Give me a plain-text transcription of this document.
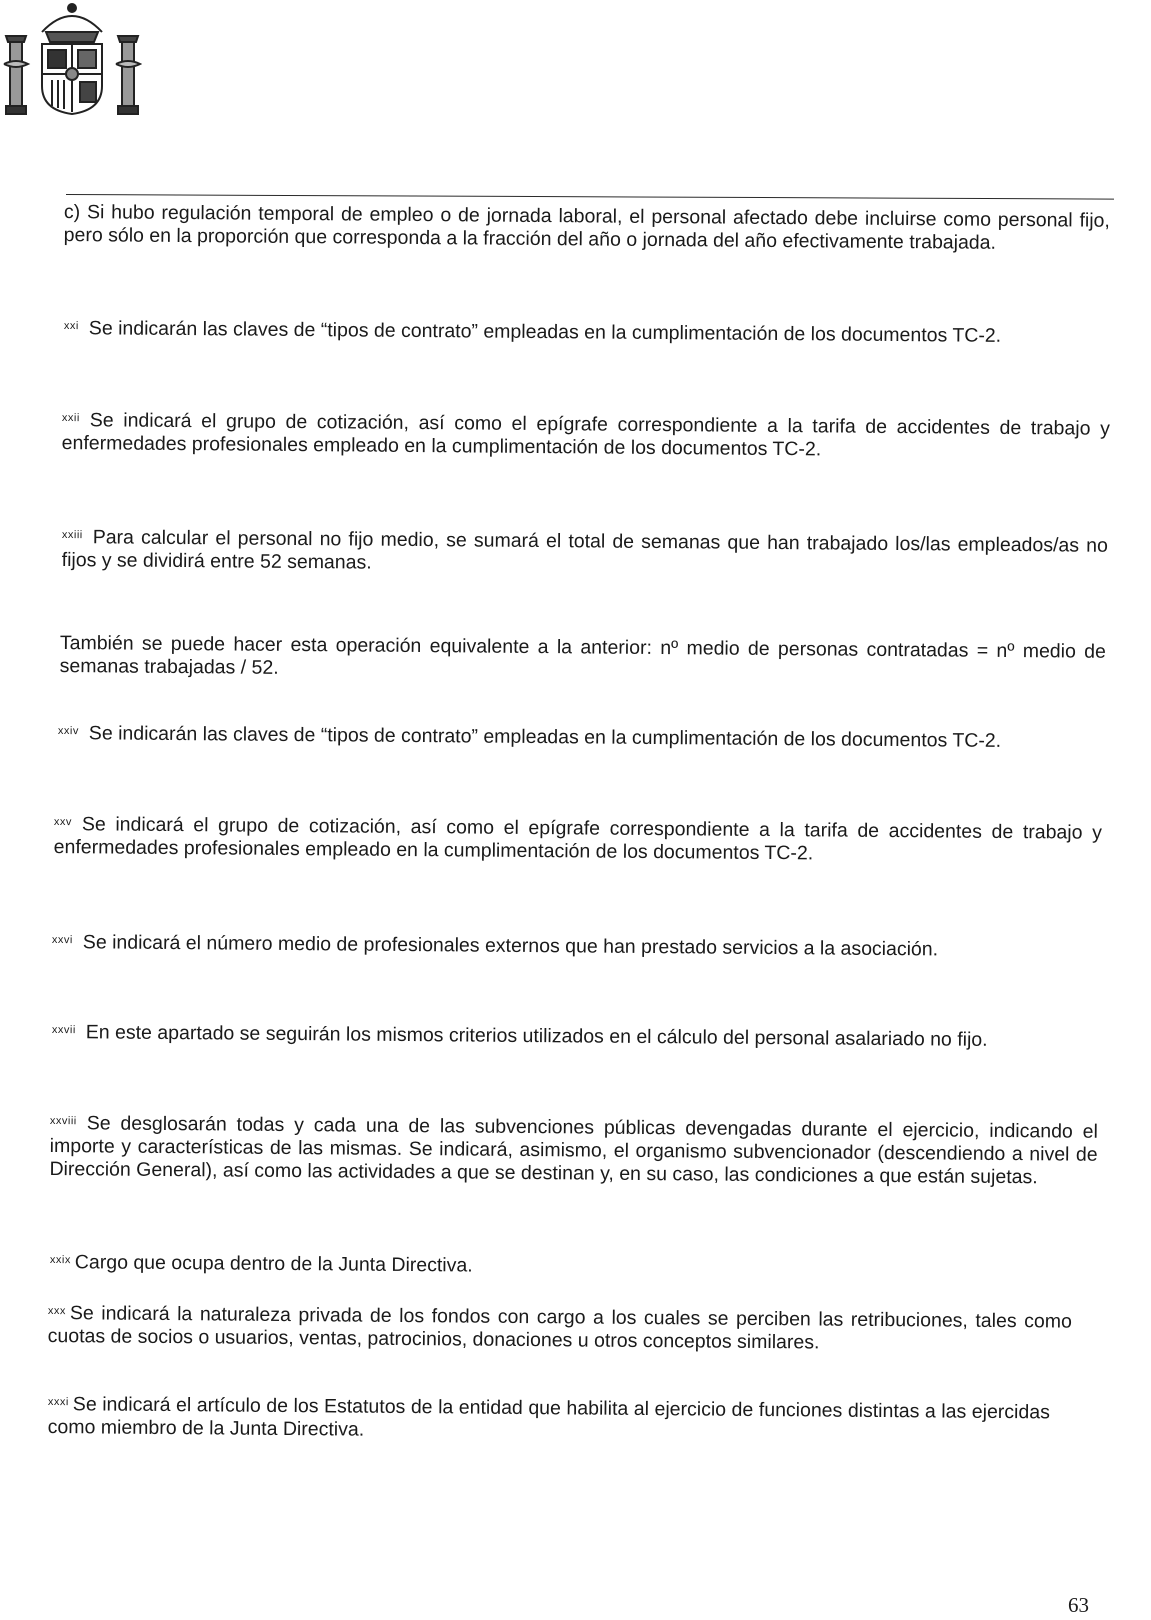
c) Si hubo regulación temporal de empleo o de jornada laboral, el personal afectado debe incluirse como personal fijo, pero sólo en la proporción que corresponda a la fracción del año o jornada del año efectivamente trabajada.
$^{xxi}$ Se indicarán las claves de “tipos de contrato” empleadas en la cumplimentación de los documentos TC-2.
$^{xxii}$ Se indicará el grupo de cotización, así como el epígrafe correspondiente a la tarifa de accidentes de trabajo y enfermedades profesionales empleado en la cumplimentación de los documentos TC-2.
$^{xxiii}$ Para calcular el personal no fijo medio, se sumará el total de semanas que han trabajado los/las empleados/as no fijos y se dividirá entre 52 semanas.
También se puede hacer esta operación equivalente a la anterior: nº medio de personas contratadas = nº medio de semanas trabajadas / 52.
$^{xxiv}$ Se indicarán las claves de “tipos de contrato” empleadas en la cumplimentación de los documentos TC-2.
$^{xxv}$ Se indicará el grupo de cotización, así como el epígrafe correspondiente a la tarifa de accidentes de trabajo y enfermedades profesionales empleado en la cumplimentación de los documentos TC-2.
$^{xxvi}$ Se indicará el número medio de profesionales externos que han prestado servicios a la asociación.
$^{xxvii}$ En este apartado se seguirán los mismos criterios utilizados en el cálculo del personal asalariado no fijo.
$^{xxviii}$ Se desglosarán todas y cada una de las subvenciones públicas devengadas durante el ejercicio, indicando el importe y características de las mismas. Se indicará, asimismo, el organismo subvencionador (descendiendo a nivel de Dirección General), así como las actividades a que se destinan y, en su caso, las condiciones a que están sujetas.
$^{xxix}$ Cargo que ocupa dentro de la Junta Directiva.
$^{xxx}$ Se indicará la naturaleza privada de los fondos con cargo a los cuales se perciben las retribuciones, tales como cuotas de socios o usuarios, ventas, patrocinios, donaciones u otros conceptos similares.
$^{xxxi}$ Se indicará el artículo de los Estatutos de la entidad que habilita al ejercicio de funciones distintas a las ejercidas como miembro de la Junta Directiva.
63
